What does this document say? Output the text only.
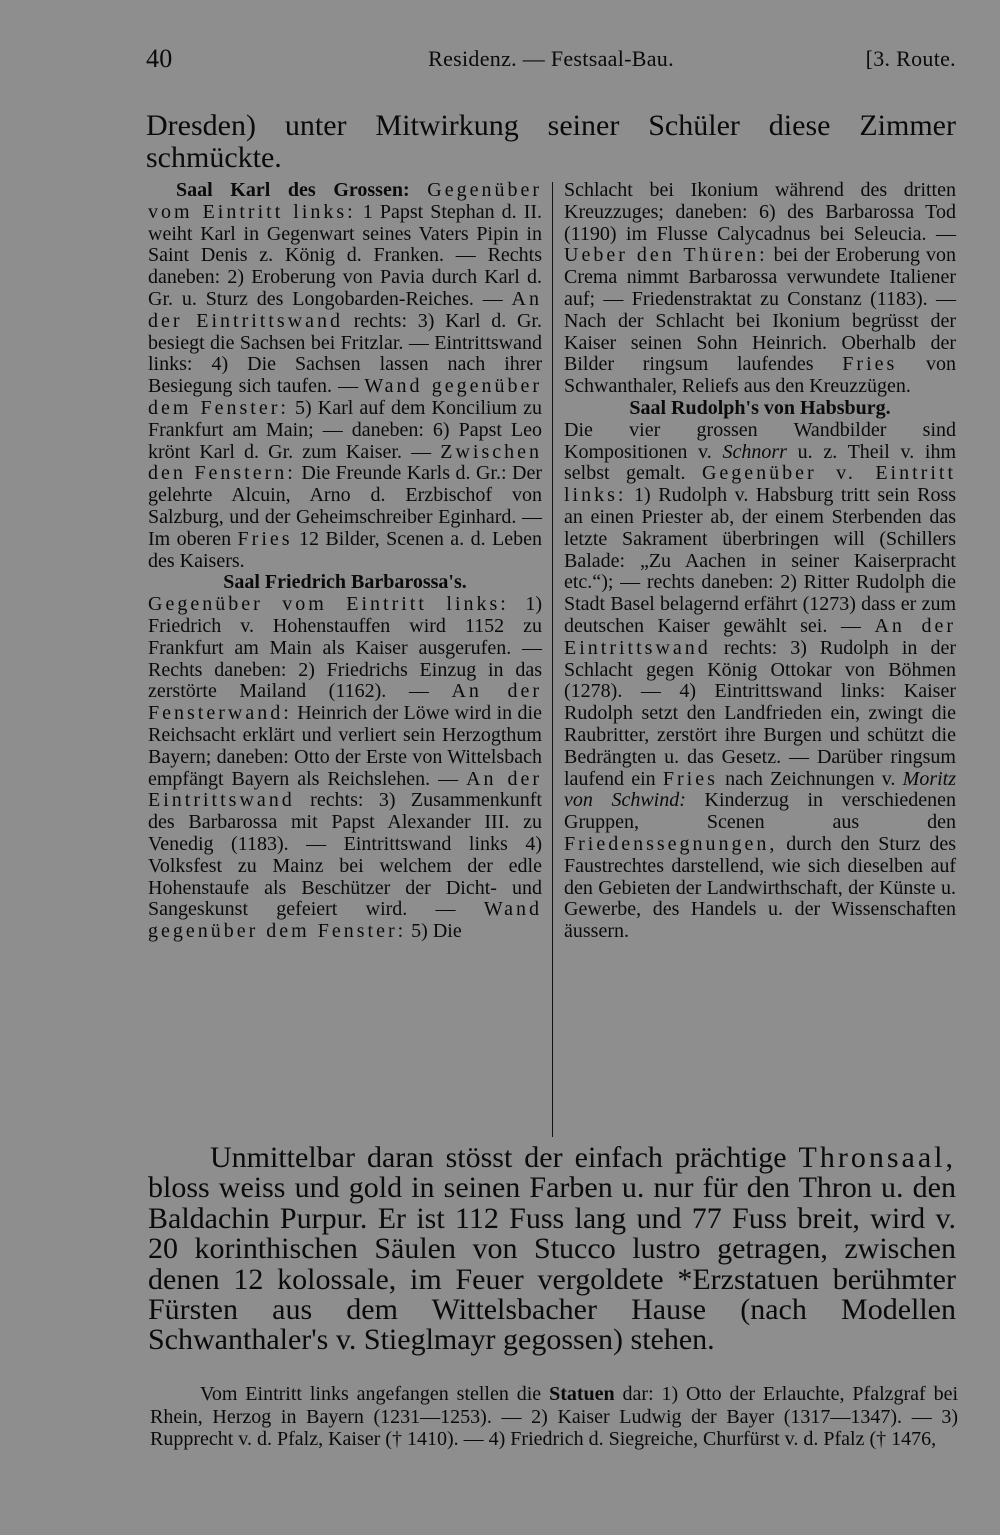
40	Residenz. — Festsaal-Bau.	[3. Route.
Dresden) unter Mitwirkung seiner Schüler diese Zimmer schmückte.

Saal Karl des Grossen: Gegenüber vom Eintritt links: 1 Papst Stephan d. II. weiht Karl in Gegenwart seines Vaters Pipin in Saint Denis z. König d. Franken. — Rechts daneben: 2) Eroberung von Pavia durch Karl d. Gr. u. Sturz des Longobarden-Reiches. — An der Eintrittswand rechts: 3) Karl d. Gr. besiegt die Sachsen bei Fritzlar. — Eintrittswand links: 4) Die Sachsen lassen nach ihrer Besiegung sich taufen. — Wand gegenüber dem Fenster: 5) Karl auf dem Koncilium zu Frankfurt am Main; — daneben: 6) Papst Leo krönt Karl d. Gr. zum Kaiser. — Zwischen den Fenstern: Die Freunde Karls d. Gr.: Der gelehrte Alcuin, Arno d. Erzbischof von Salzburg, und der Geheimschreiber Eginhard. — Im oberen Fries 12 Bilder, Scenen a. d. Leben des Kaisers.

Saal Friedrich Barbarossa's.

Gegenüber vom Eintritt links: 1) Friedrich v. Hohenstauffen wird 1152 zu Frankfurt am Main als Kaiser ausgerufen. — Rechts daneben: 2) Friedrichs Einzug in das zerstörte Mailand (1162). — An der Fensterwand: Heinrich der Löwe wird in die Reichsacht erklärt und verliert sein Herzogthum Bayern; daneben: Otto der Erste von Wittelsbach empfängt Bayern als Reichslehen. — An der Eintrittswand rechts: 3) Zusammenkunft des Barbarossa mit Papst Alexander III. zu Venedig (1183). — Eintrittswand links 4) Volksfest zu Mainz bei welchem der edle Hohenstaufe als Beschützer der Dicht- und Sangeskunst gefeiert wird. — Wand gegenüber dem Fenster: 5) Die

Schlacht bei Ikonium während des dritten Kreuzzuges; daneben: 6) des Barbarossa Tod (1190) im Flusse Calycadnus bei Seleucia. — Ueber den Thüren: bei der Eroberung von Crema nimmt Barbarossa verwundete Italiener auf; — Friedenstraktat zu Constanz (1183). — Nach der Schlacht bei Ikonium begrüsst der Kaiser seinen Sohn Heinrich. Oberhalb der Bilder ringsum laufendes Fries von Schwanthaler, Reliefs aus den Kreuzzügen.

Saal Rudolph's von Habsburg.

Die vier grossen Wandbilder sind Kompositionen v. Schnorr u. z. Theil v. ihm selbst gemalt. Gegenüber v. Eintritt links: 1) Rudolph v. Habsburg tritt sein Ross an einen Priester ab, der einem Sterbenden das letzte Sakrament überbringen will (Schillers Balade: „Zu Aachen in seiner Kaiserpracht etc.“); — rechts daneben: 2) Ritter Rudolph die Stadt Basel belagernd erfährt (1273) dass er zum deutschen Kaiser gewählt sei. — An der Eintrittswand rechts: 3) Rudolph in der Schlacht gegen König Ottokar von Böhmen (1278). — 4) Eintrittswand links: Kaiser Rudolph setzt den Landfrieden ein, zwingt die Raubritter, zerstört ihre Burgen und schützt die Bedrängten u. das Gesetz. — Darüber ringsum laufend ein Fries nach Zeichnungen v. Moritz von Schwind: Kinderzug in verschiedenen Gruppen, Scenen aus den Friedenssegnungen, durch den Sturz des Faustrechtes darstellend, wie sich dieselben auf den Gebieten der Landwirthschaft, der Künste u. Gewerbe, des Handels u. der Wissenschaften äussern.

Unmittelbar daran stösst der einfach prächtige Thronsaal, bloss weiss und gold in seinen Farben u. nur für den Thron u. den Baldachin Purpur. Er ist 112 Fuss lang und 77 Fuss breit, wird v. 20 korinthischen Säulen von Stucco lustro getragen, zwischen denen 12 kolossale, im Feuer vergoldete *Erzstatuen berühmter Fürsten aus dem Wittelsbacher Hause (nach Modellen Schwanthaler's v. Stieglmayr gegossen) stehen.

Vom Eintritt links angefangen stellen die Statuen dar: 1) Otto der Erlauchte, Pfalzgraf bei Rhein, Herzog in Bayern (1231—1253). — 2) Kaiser Ludwig der Bayer (1317—1347). — 3) Rupprecht v. d. Pfalz, Kaiser († 1410). — 4) Friedrich d. Siegreiche, Churfürst v. d. Pfalz († 1476,
